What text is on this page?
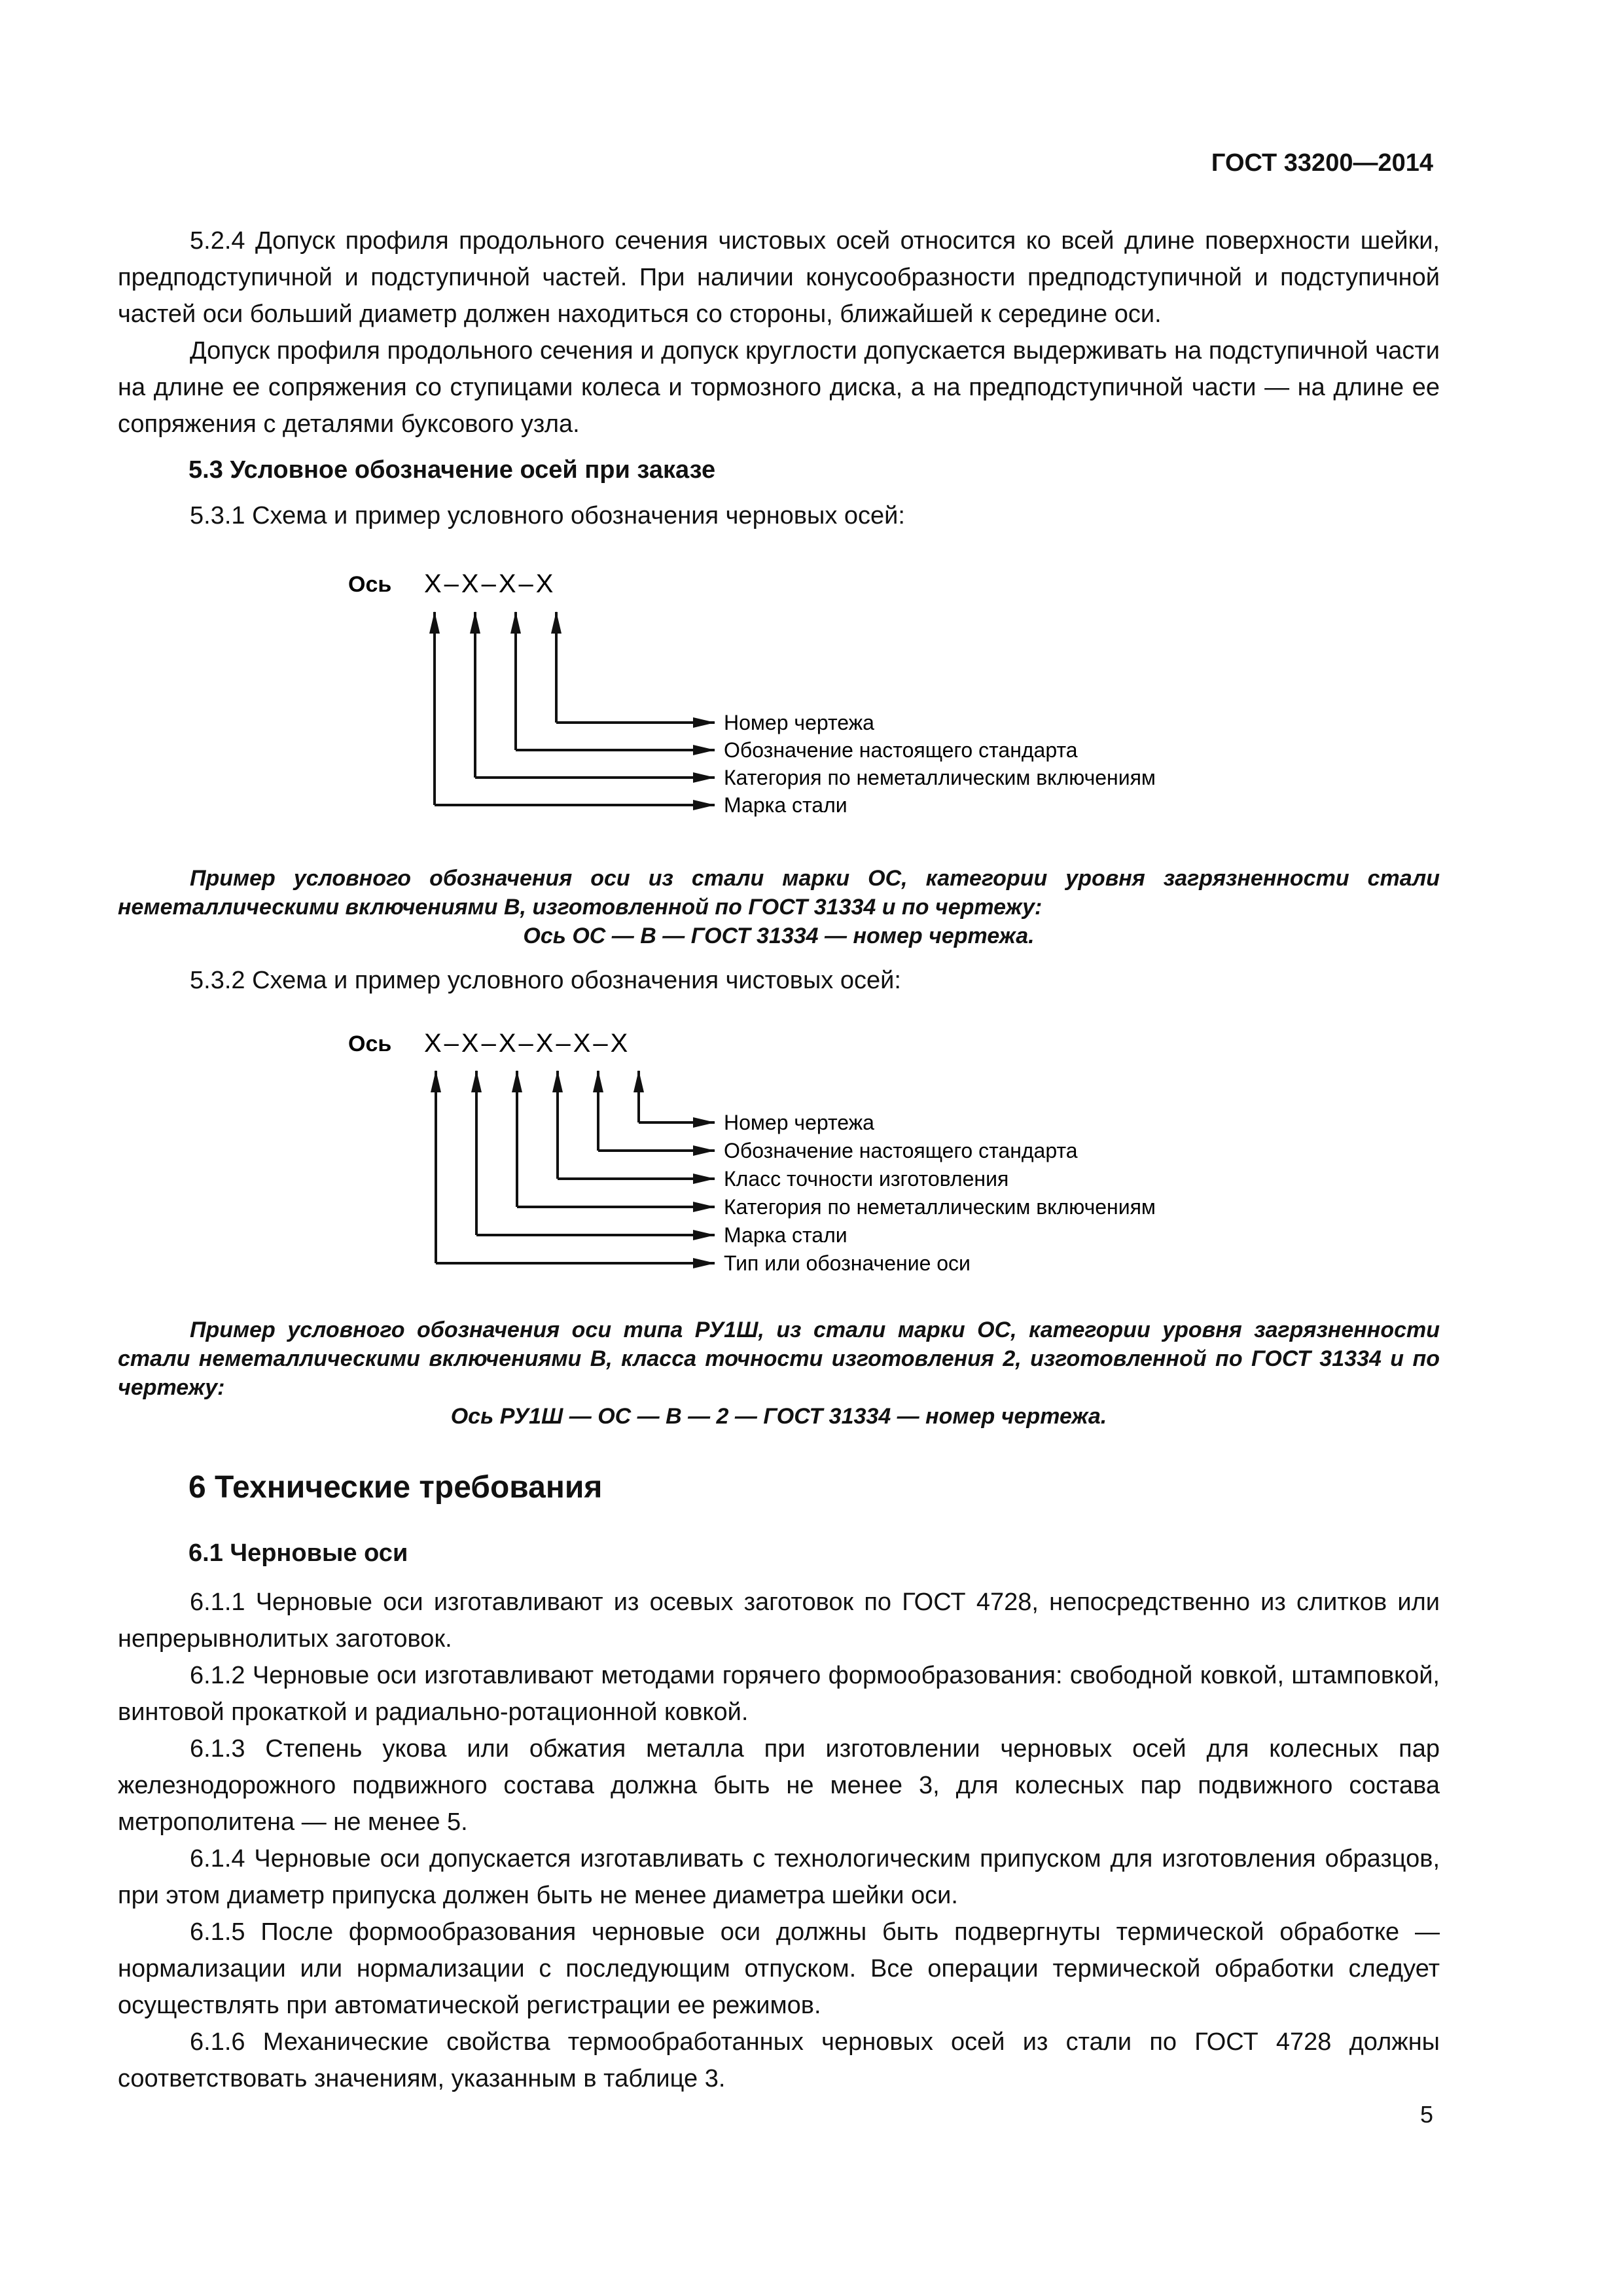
ГОСТ 33200—2014

5.2.4 Допуск профиля продольного сечения чистовых осей относится ко всей длине поверхности шейки, предподступичной и подступичной частей. При наличии конусообразности предподступичной и подступичной частей оси больший диаметр должен находиться со стороны, ближайшей к середине оси.

Допуск профиля продольного сечения и допуск круглости допускается выдерживать на подступичной части на длине ее сопряжения со ступицами колеса и тормозного диска, а на предподступичной части — на длине ее сопряжения с деталями буксового узла.

5.3 Условное обозначение осей при заказе

5.3.1 Схема и пример условного обозначения черновых осей:

Ось X–X–X–X
Номер чертежа
Обозначение настоящего стандарта
Категория по неметаллическим включениям
Марка стали
Ось X–X–X–X–X–X
Номер чертежа
Обозначение настоящего стандарта
Класс точности изготовления
Категория по неметаллическим включениям
Марка стали
Тип или обозначение оси
Пример условного обозначения оси из стали марки ОС, категории уровня загрязненности стали неметаллическими включениями В, изготовленной по ГОСТ 31334 и по чертежу:
Ось ОС — В — ГОСТ 31334 — номер чертежа.

5.3.2 Схема и пример условного обозначения чистовых осей:

Пример условного обозначения оси типа РУ1Ш, из стали марки ОС, категории уровня загрязненности стали неметаллическими включениями В, класса точности изготовления 2, изготовленной по ГОСТ 31334 и по чертежу:
Ось РУ1Ш — ОС — В — 2 — ГОСТ 31334 — номер чертежа.
6 Технические требования
6.1 Черновые оси

6.1.1 Черновые оси изготавливают из осевых заготовок по ГОСТ 4728, непосредственно из слитков или непрерывнолитых заготовок.

6.1.2 Черновые оси изготавливают методами горячего формообразования: свободной ковкой, штамповкой, винтовой прокаткой и радиально-ротационной ковкой.

6.1.3 Степень укова или обжатия металла при изготовлении черновых осей для колесных пар железнодорожного подвижного состава должна быть не менее 3, для колесных пар подвижного состава метрополитена — не менее 5.

6.1.4 Черновые оси допускается изготавливать с технологическим припуском для изготовления образцов, при этом диаметр припуска должен быть не менее диаметра шейки оси.

6.1.5 После формообразования черновые оси должны быть подвергнуты термической обработке — нормализации или нормализации с последующим отпуском. Все операции термической обработки следует осуществлять при автоматической регистрации ее режимов.

6.1.6 Механические свойства термообработанных черновых осей из стали по ГОСТ 4728 должны соответствовать значениям, указанным в таблице 3.

5
